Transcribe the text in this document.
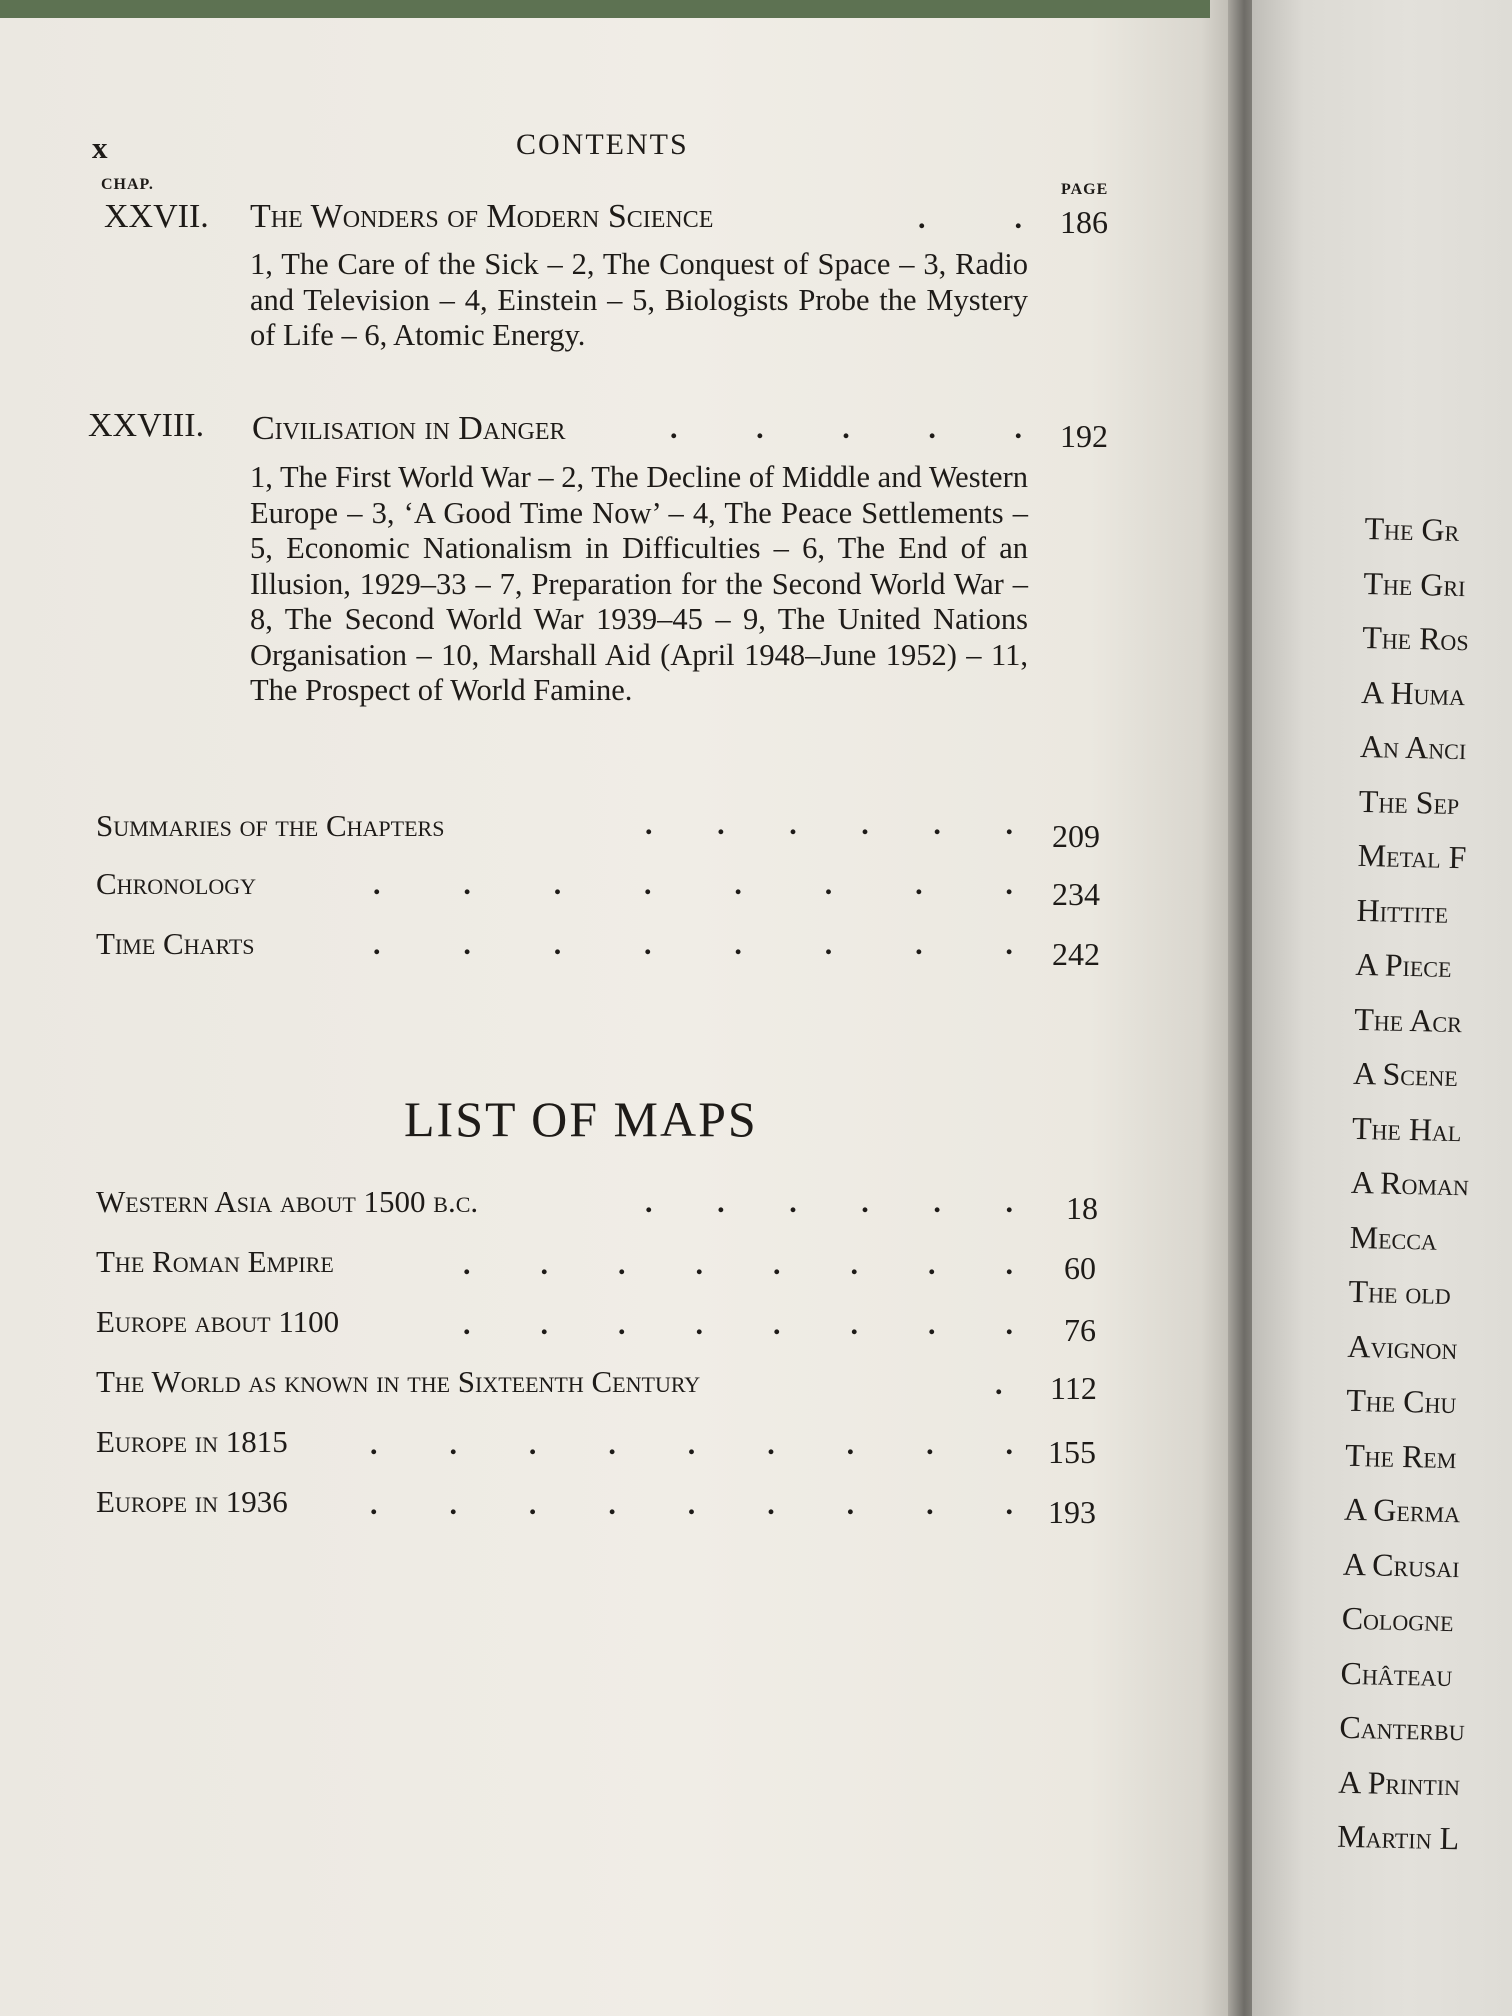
x	CONTENTS
CHAP.	PAGE
XXVII. The Wonders of Modern Science	.	. 186
1, The Care of the Sick – 2, The Conquest of Space – 3, Radio and Television – 4, Einstein – 5, Biologists Probe the Mystery of Life – 6, Atomic Energy.
XXVIII. Civilisation in Danger	.	.	.	.	. 192
1, The First World War – 2, The Decline of Middle and Western Europe – 3, ‘A Good Time Now’ – 4, The Peace Settlements – 5, Economic Nationalism in Difficulties – 6, The End of an Illusion, 1929–33 – 7, Preparation for the Second World War – 8, The Second World War 1939–45 – 9, The United Nations Organisation – 10, Marshall Aid (April 1948–June 1952) – 11, The Prospect of World Famine.
Summaries of the Chapters	. . . . . . 209
Chronology	.	.	.	.	.	.	.	. 234
Time Charts	.	.	.	.	.	.	.	. 242
LIST OF MAPS
Western Asia about 1500 b.c.	. . . . . . 18
The Roman Empire	. . . . . . . . 60
Europe about 1100	. . . . . . . . 76
The World as known in the Sixteenth Century	. 112
Europe in 1815	. . . . . . . . . 155
Europe in 1936	. . . . . . . . . 193
The Gr
The Gri
The Ros
A Huma
An Anci
The Sep
Metal F
Hittite
A Piece
The Acr
A Scene
The Hal
A Roman
Mecca
The old
Avignon
The Chu
The Rem
A Germa
A Crusai
Cologne
Château
Canterbu
A Printin
Martin L
